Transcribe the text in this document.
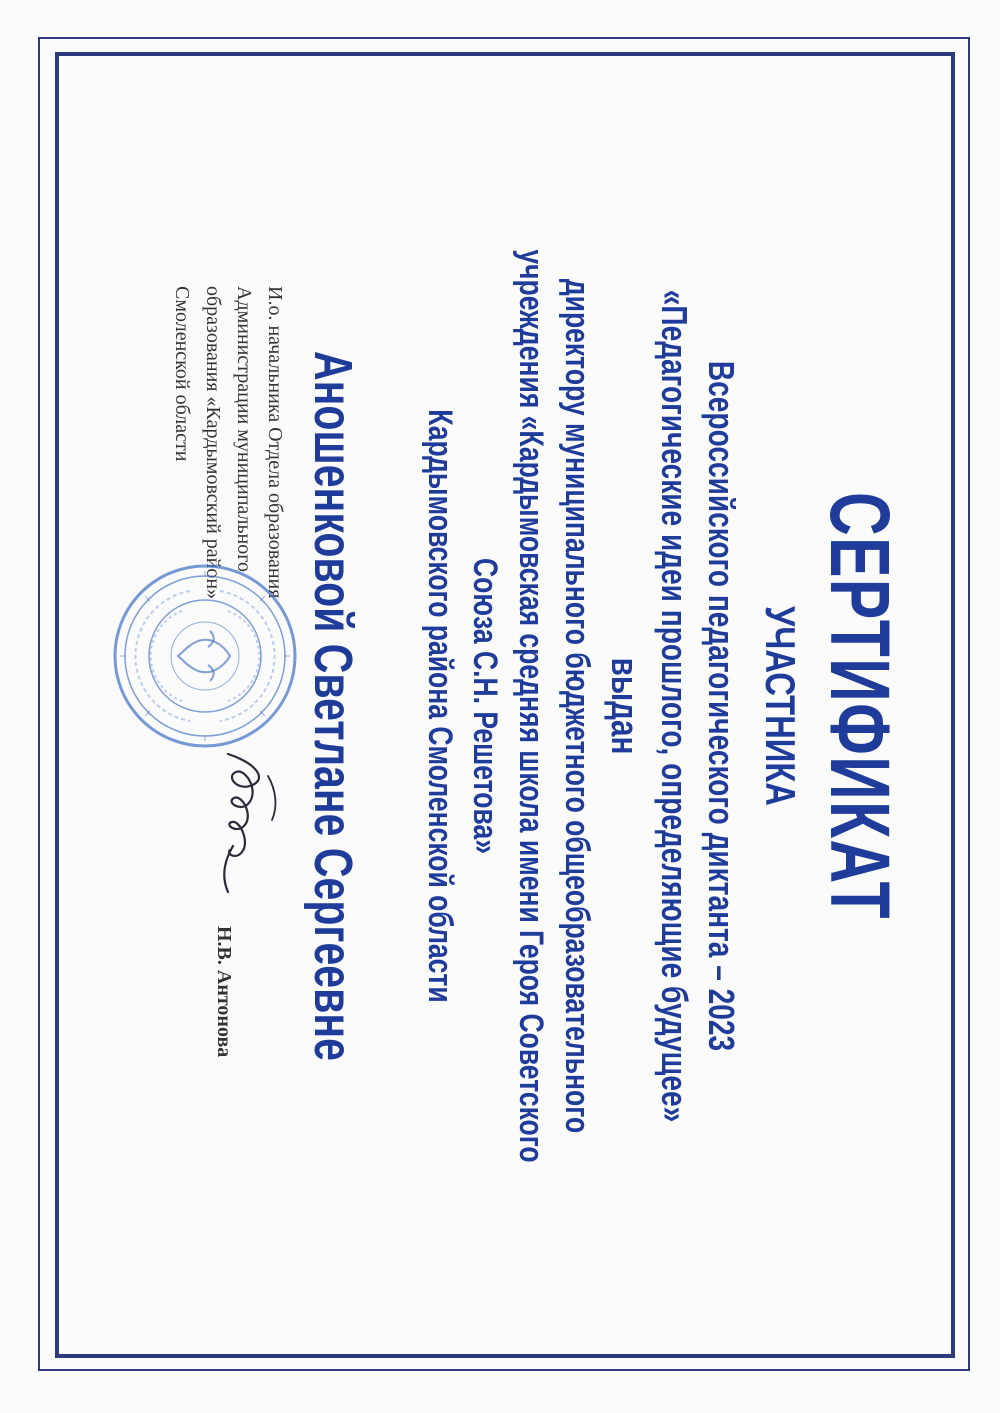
СЕРТИФИКАТ
УЧАСТНИКА
Всероссийского педагогического диктанта – 2023
«Педагогические идеи прошлого, определяющие будущее»
выдан
директору муниципального бюджетного общеобразовательного
учреждения «Кардымовская средняя школа имени Героя Советского
Союза С.Н. Решетова»
Кардымовского района Смоленской области
Аношенковой Светлане Сергеевне
И.о. начальника Отдела образования
Администрации муниципального
образования «Кардымовский район»
Смоленской области
Н.В. Антонова
